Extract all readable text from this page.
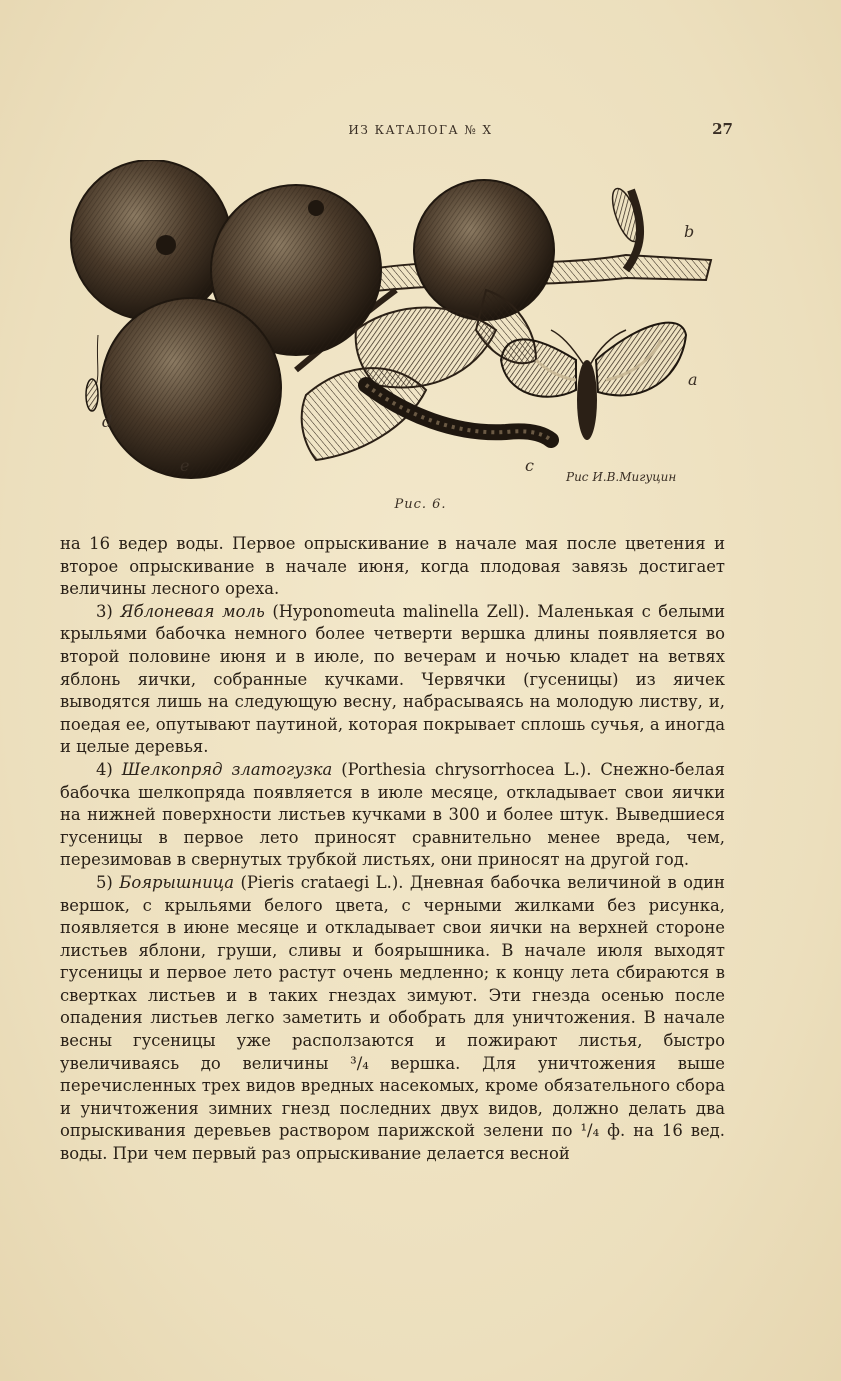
ИЗ КАТАЛОГА № X	27
b
a
d
e	c
Рис И.В.Мигуцин
Рис. 6.

на 16 ведер воды. Первое опрыскивание в начале мая после цветения и второе опрыскивание в начале июня, когда плодовая завязь достигает величины лесного ореха.

3) Яблоневая моль (Hyponomeuta malinella Zell). Маленькая с белыми крыльями бабочка немного более четверти вершка длины появляется во второй половине июня и в июле, по вечерам и ночью кладет на ветвях яблонь яички, собранные кучками. Червячки (гусеницы) из яичек выводятся лишь на следующую весну, набрасываясь на молодую листву, и, поедая ее, опутывают паутиной, которая покрывает сплошь сучья, а иногда и целые деревья.

4) Шелкопряд златогузка (Porthesia chrysorrhocea L.). Снежно-белая бабочка шелкопряда появляется в июле месяце, откладывает свои яички на нижней поверхности листьев кучками в 300 и более штук. Выведшиеся гусеницы в первое лето приносят сравнительно менее вреда, чем, перезимовав в свернутых трубкой листьях, они приносят на другой год.

5) Боярышница (Pieris crataegi L.). Дневная бабочка величиной в один вершок, с крыльями белого цвета, с черными жилками без рисунка, появляется в июне месяце и откладывает свои яички на верхней стороне листьев яблони, груши, сливы и боярышника. В начале июля выходят гусеницы и первое лето растут очень медленно; к концу лета сбираются в свертках листьев и в таких гнездах зимуют. Эти гнезда осенью после опадения листьев легко заметить и обобрать для уничтожения. В начале весны гусеницы уже расползаются и пожирают листья, быстро увеличиваясь до величины ³/₄ вершка. Для уничтожения выше перечисленных трех видов вредных насекомых, кроме обязательного сбора и уничтожения зимних гнезд последних двух видов, должно делать два опрыскивания деревьев раствором парижской зелени по ¹/₄ ф. на 16 вед. воды. При чем первый раз опрыскивание делается весной
